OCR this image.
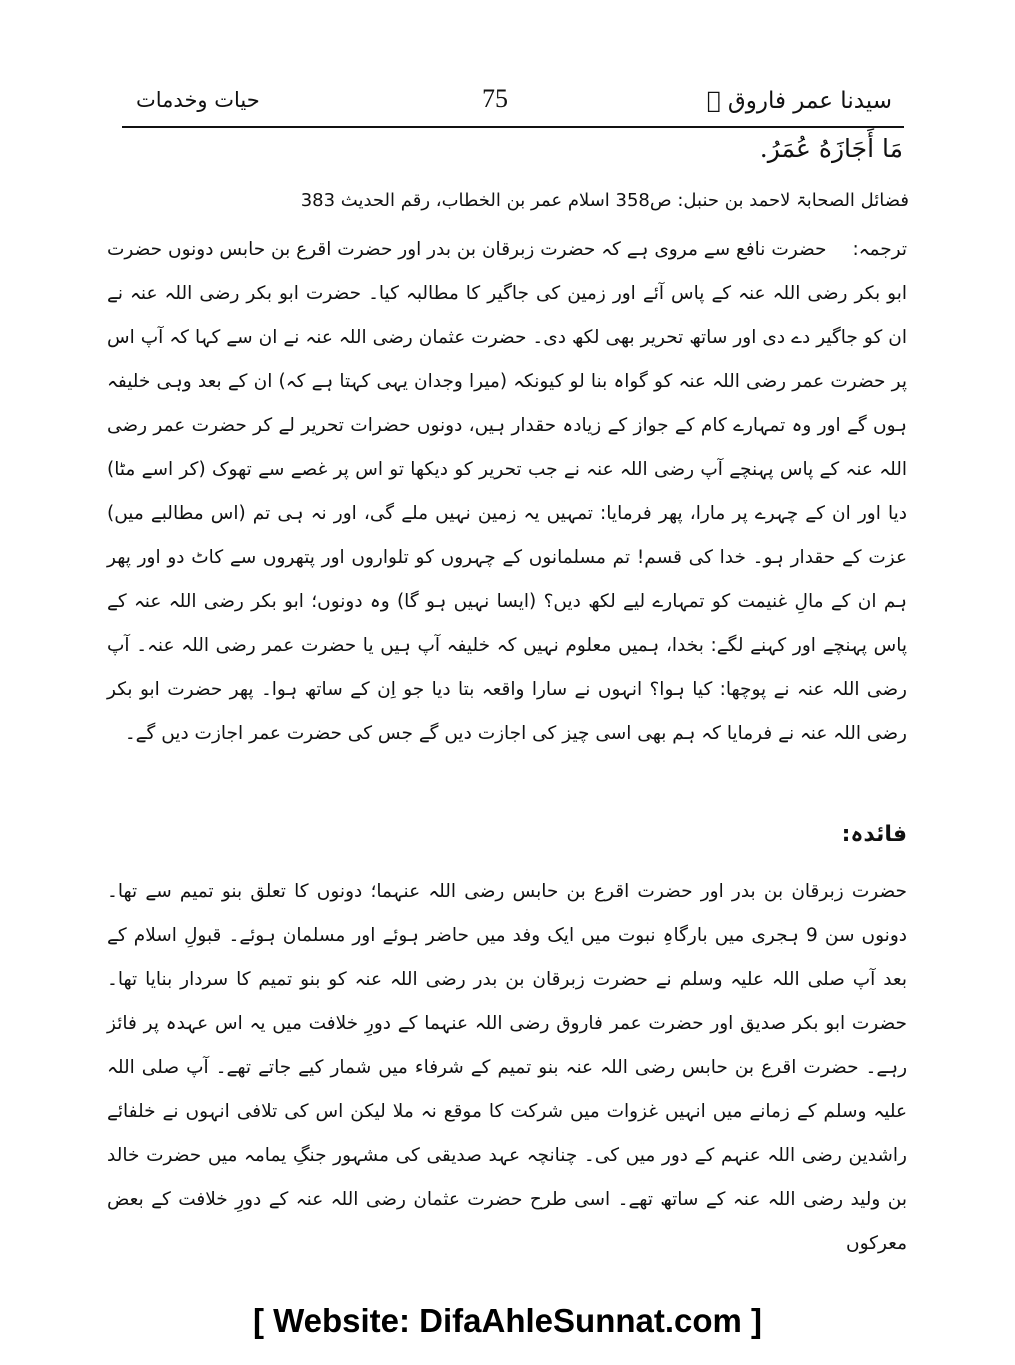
حیات وخدمات	75	سیدنا عمر فاروق ﷛
مَا أَجَازَهُ عُمَرُ.
فضائل الصحابۃ لاحمد بن حنبل: ص358 اسلام عمر بن الخطاب، رقم الحدیث 383
ترجمہ:حضرت نافع سے مروی ہے کہ حضرت زبرقان بن بدر اور حضرت اقرع بن حابس دونوں حضرت ابو بکر رضی اللہ عنہ کے پاس آئے اور زمین کی جاگیر کا مطالبہ کیا۔ حضرت ابو بکر رضی اللہ عنہ نے ان کو جاگیر دے دی اور ساتھ تحریر بھی لکھ دی۔ حضرت عثمان رضی اللہ عنہ نے ان سے کہا کہ آپ اس پر حضرت عمر رضی اللہ عنہ کو گواہ بنا لو کیونکہ (میرا وجدان یہی کہتا ہے کہ) ان کے بعد وہی خلیفہ ہوں گے اور وہ تمہارے کام کے جواز کے زیادہ حقدار ہیں، دونوں حضرات تحریر لے کر حضرت عمر رضی اللہ عنہ کے پاس پہنچے آپ رضی اللہ عنہ نے جب تحریر کو دیکھا تو اس پر غصے سے تھوک (کر اسے مٹا) دیا اور ان کے چہرے پر مارا، پھر فرمایا: تمہیں یہ زمین نہیں ملے گی، اور نہ ہی تم (اس مطالبے میں) عزت کے حقدار ہو۔ خدا کی قسم! تم مسلمانوں کے چہروں کو تلواروں اور پتھروں سے کاٹ دو اور پھر ہم ان کے مالِ غنیمت کو تمہارے لیے لکھ دیں؟ (ایسا نہیں ہو گا) وہ دونوں؛ ابو بکر رضی اللہ عنہ کے پاس پہنچے اور کہنے لگے: بخدا، ہمیں معلوم نہیں کہ خلیفہ آپ ہیں یا حضرت عمر رضی اللہ عنہ۔ آپ رضی اللہ عنہ نے پوچھا: کیا ہوا؟ انہوں نے سارا واقعہ بتا دیا جو اِن کے ساتھ ہوا۔ پھر حضرت ابو بکر رضی اللہ عنہ نے فرمایا کہ ہم بھی اسی چیز کی اجازت دیں گے جس کی حضرت عمر اجازت دیں گے۔
فائدہ:
حضرت زبرقان بن بدر اور حضرت اقرع بن حابس رضی اللہ عنہما؛ دونوں کا تعلق بنو تمیم سے تھا۔ دونوں سن 9 ہجری میں بارگاہِ نبوت میں ایک وفد میں حاضر ہوئے اور مسلمان ہوئے۔ قبولِ اسلام کے بعد آپ صلی اللہ علیہ وسلم نے حضرت زبرقان بن بدر رضی اللہ عنہ کو بنو تمیم کا سردار بنایا تھا۔ حضرت ابو بکر صدیق اور حضرت عمر فاروق رضی اللہ عنہما کے دورِ خلافت میں یہ اس عہدہ پر فائز رہے۔ حضرت اقرع بن حابس رضی اللہ عنہ بنو تمیم کے شرفاء میں شمار کیے جاتے تھے۔ آپ صلی اللہ علیہ وسلم کے زمانے میں انہیں غزوات میں شرکت کا موقع نہ ملا لیکن اس کی تلافی انہوں نے خلفائے راشدین رضی اللہ عنہم کے دور میں کی۔ چنانچہ عہد صدیقی کی مشہور جنگِ یمامہ میں حضرت خالد بن ولید رضی اللہ عنہ کے ساتھ تھے۔ اسی طرح حضرت عثمان رضی اللہ عنہ کے دورِ خلافت کے بعض معرکوں
[ Website: DifaAhleSunnat.com ]
